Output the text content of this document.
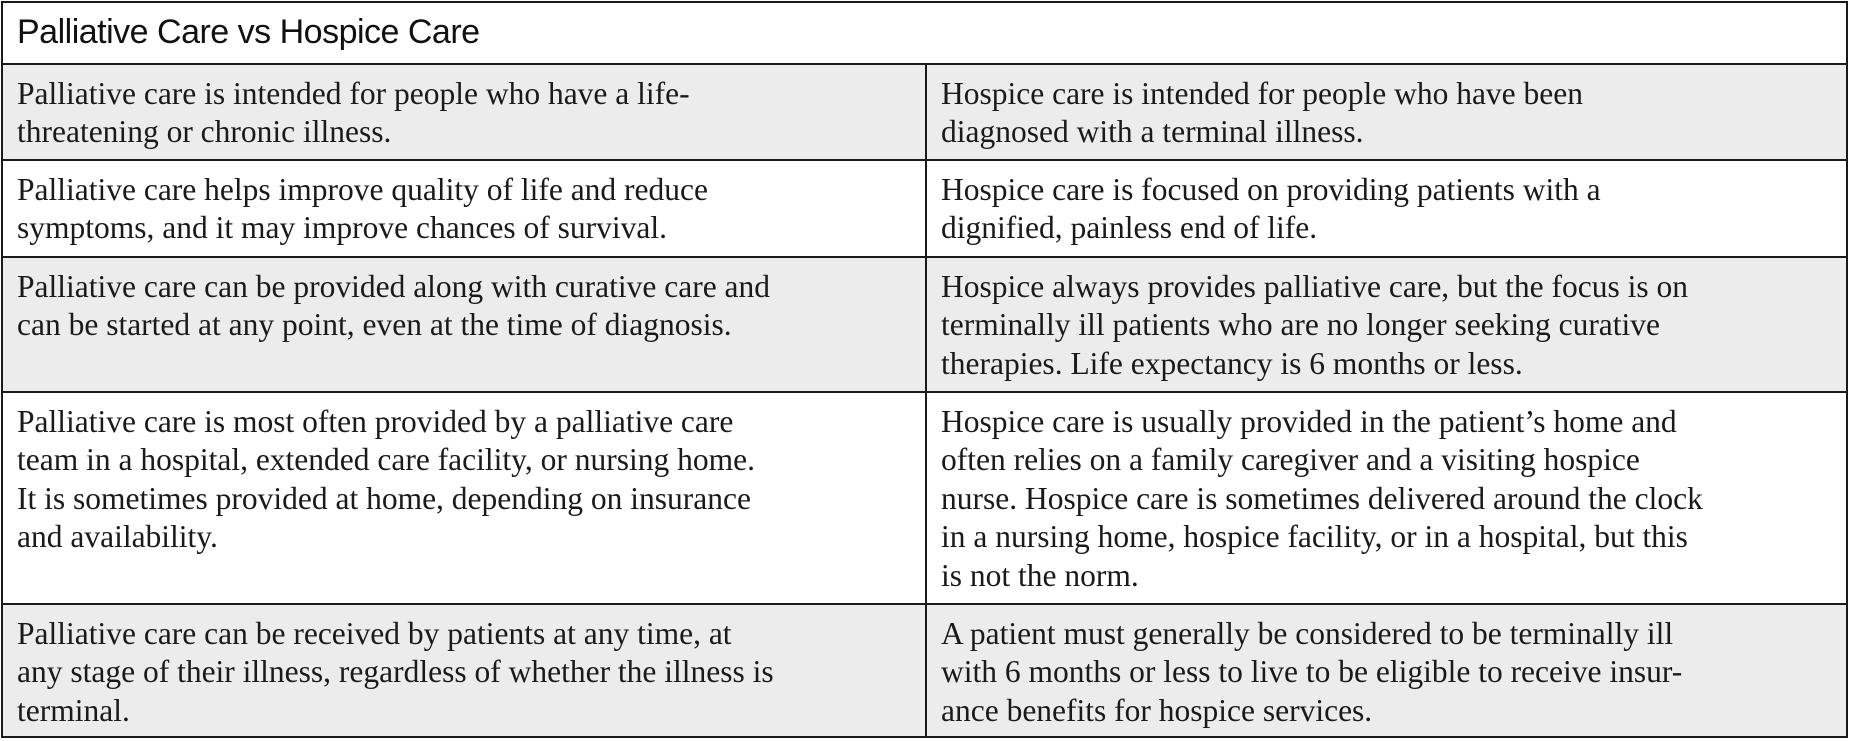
Palliative Care vs Hospice Care
Palliative care is intended for people who have a life-
threatening or chronic illness.
Hospice care is intended for people who have been
diagnosed with a terminal illness.
Palliative care helps improve quality of life and reduce
symptoms, and it may improve chances of survival.
Hospice care is focused on providing patients with a
dignified, painless end of life.
Palliative care can be provided along with curative care and
can be started at any point, even at the time of diagnosis.
Hospice always provides palliative care, but the focus is on
terminally ill patients who are no longer seeking curative
therapies. Life expectancy is 6 months or less.
Palliative care is most often provided by a palliative care
team in a hospital, extended care facility, or nursing home.
It is sometimes provided at home, depending on insurance
and availability.
Hospice care is usually provided in the patient’s home and
often relies on a family caregiver and a visiting hospice
nurse. Hospice care is sometimes delivered around the clock
in a nursing home, hospice facility, or in a hospital, but this
is not the norm.
Palliative care can be received by patients at any time, at
any stage of their illness, regardless of whether the illness is
terminal.
A patient must generally be considered to be terminally ill
with 6 months or less to live to be eligible to receive insur-
ance benefits for hospice services.
